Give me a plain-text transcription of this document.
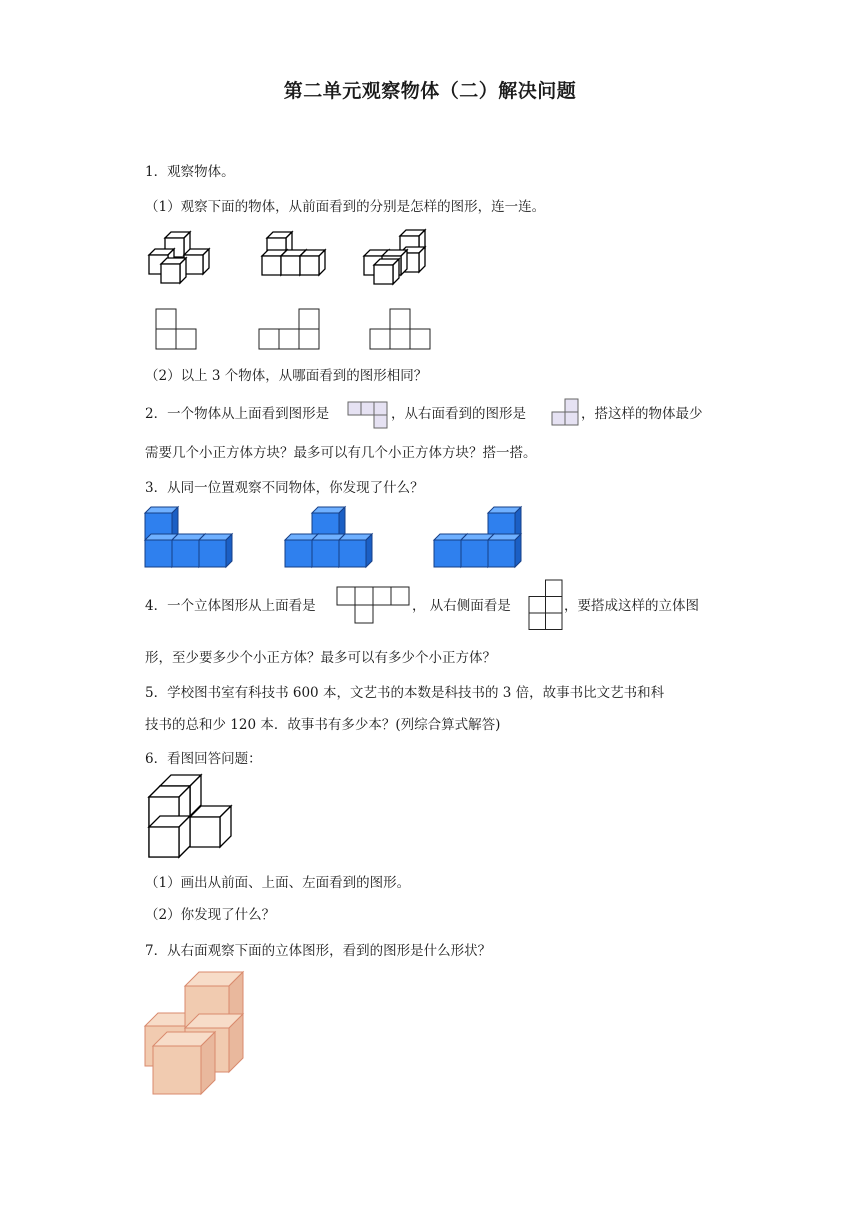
第二单元观察物体（二）解决问题
1．观察物体。
（1）观察下面的物体，从前面看到的分别是怎样的图形，连一连。
（2）以上 3 个物体，从哪面看到的图形相同？
2．一个物体从上面看到图形是	，从右面看到的图形是	，搭这样的物体最少
需要几个小正方体方块？最多可以有几个小正方体方块？搭一搭。
3．从同一位置观察不同物体，你发现了什么？
4．一个立体图形从上面看是	， 从右侧面看是	，要搭成这样的立体图
形，至少要多少个小正方体？最多可以有多少个小正方体？
5．学校图书室有科技书 600 本，文艺书的本数是科技书的 3 倍，故事书比文艺书和科
技书的总和少 120 本．故事书有多少本？(列综合算式解答)
6．看图回答问题：
（1）画出从前面、上面、左面看到的图形。
（2）你发现了什么？
7．从右面观察下面的立体图形，看到的图形是什么形状？
